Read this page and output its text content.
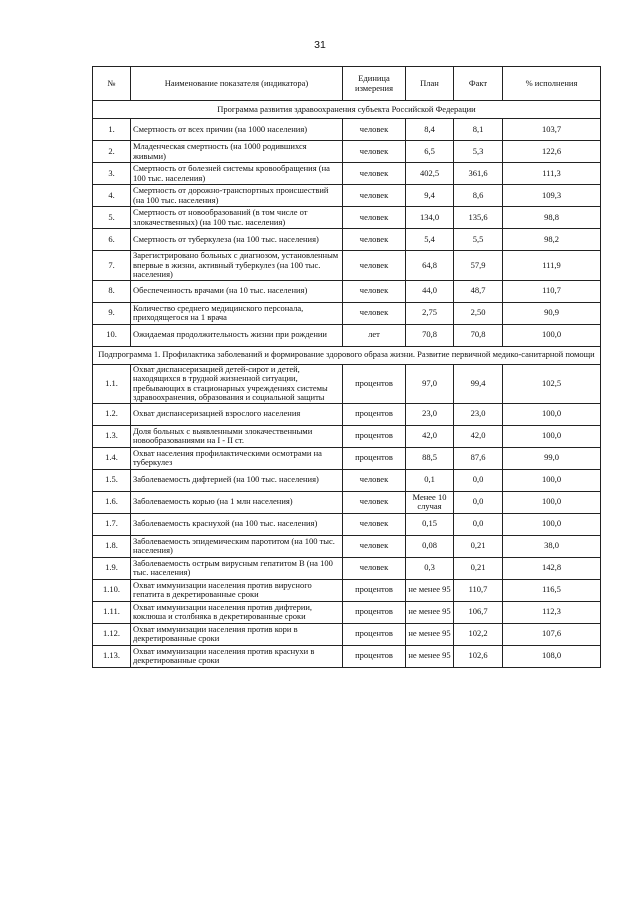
31
№	Наименование показателя (индикатора)	Единица измерения	План	Факт	% исполнения
Программа развития здравоохранения субъекта Российской Федерации					
1.	Смертность от всех причин (на 1000 населения)	человек	8,4	8,1	103,7
2.	Младенческая смертность (на 1000 родившихся живыми)	человек	6,5	5,3	122,6
3.	Смертность от болезней системы кровообращения (на 100 тыс. населения)	человек	402,5	361,6	111,3
4.	Смертность от дорожно-транспортных происшествий (на 100 тыс. населения)	человек	9,4	8,6	109,3
5.	Смертность от новообразований (в том числе от злокачественных) (на 100 тыс. населения)	человек	134,0	135,6	98,8
6.	Смертность от туберкулеза (на 100 тыс. населения)	человек	5,4	5,5	98,2
7.	Зарегистрировано больных с диагнозом, установленным впервые в жизни, активный туберкулез (на 100 тыс. населения)	человек	64,8	57,9	111,9
8.	Обеспеченность врачами (на 10 тыс. населения)	человек	44,0	48,7	110,7
9.	Количество среднего медицинского персонала, приходящегося на 1 врача	человек	2,75	2,50	90,9
10.	Ожидаемая продолжительность жизни при рождении	лет	70,8	70,8	100,0
Подпрограмма 1. Профилактика заболеваний и формирование здорового образа жизни. Развитие первичной медико-санитарной помощи					
1.1.	Охват диспансеризацией детей-сирот и детей, находящихся в трудной жизненной ситуации, пребывающих в стационарных учреждениях системы здравоохранения, образования и социальной защиты	процентов	97,0	99,4	102,5
1.2.	Охват диспансеризацией взрослого населения	процентов	23,0	23,0	100,0
1.3.	Доля больных с выявленными злокачественными новообразованиями на I - II ст.	процентов	42,0	42,0	100,0
1.4.	Охват населения профилактическими осмотрами на туберкулез	процентов	88,5	87,6	99,0
1.5.	Заболеваемость дифтерией (на 100 тыс. населения)	человек	0,1	0,0	100,0
1.6.	Заболеваемость корью (на 1 млн населения)	человек	Менее 10 случая	0,0	100,0
1.7.	Заболеваемость краснухой (на 100 тыс. населения)	человек	0,15	0,0	100,0
1.8.	Заболеваемость эпидемическим паротитом (на 100 тыс. населения)	человек	0,08	0,21	38,0
1.9.	Заболеваемость острым вирусным гепатитом В (на 100 тыс. населения)	человек	0,3	0,21	142,8
1.10.	Охват иммунизации населения против вирусного гепатита в декретированные сроки	процентов	не менее 95	110,7	116,5
1.11.	Охват иммунизации населения против дифтерии, коклюша и столбняка в декретированные сроки	процентов	не менее 95	106,7	112,3
1.12.	Охват иммунизации населения против кори в декретированные сроки	процентов	не менее 95	102,2	107,6
1.13.	Охват иммунизации населения против краснухи в декретированные сроки	процентов	не менее 95	102,6	108,0
